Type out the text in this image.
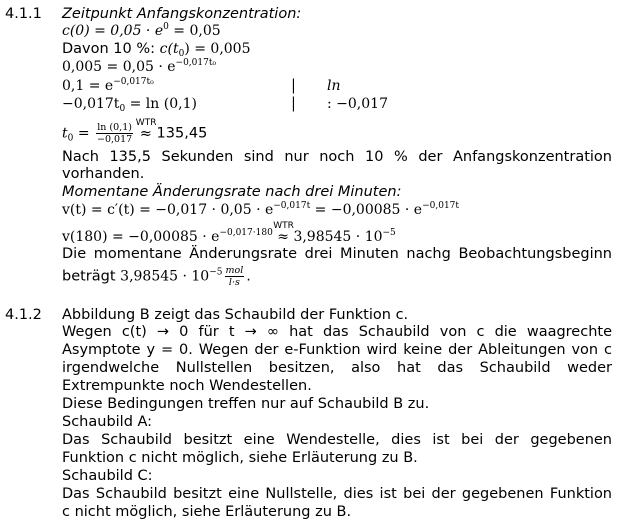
4.1.1 Zeitpunkt Anfangskonzentration:
$c(0) = 0,05 \cdot e^0 = 0,05$
Davon 10 %: $c(t_0) = 0,005$
$0,005 = 0,05 \cdot e^{-0,017t_0}$
$0,1 = e^{-0,017t_0}$	| ln
$-0,017t_0 = \ln (0,1)$	| : −0,017
$t_0 = \frac{\ln (0,1)}{-0,017}$
WTR
≈ 135,45
Nach 135,5 Sekunden sind nur noch 10 % der Anfangskonzentration
vorhanden.
Momentane Änderungsrate nach drei Minuten:
$v(t) = c'(t) = -0,017 \cdot 0,05 \cdot e^{-0,017t} = -0,00085 \cdot e^{-0,017t}$
$v(180) = -0,00085 \cdot e^{-0,017\cdot 180}$
WTR
≈ $3,98545 \cdot 10^{-5}$
Die momentane Änderungsrate drei Minuten nachg Beobachtungsbeginn
beträgt $3,98545 \cdot 10^{-5} \frac{\text{mol}}{l\cdot s}$ .
4.1.2 Abbildung B zeigt das Schaubild der Funktion c.
Wegen c(t) → 0 für t → ∞ hat das Schaubild von c die waagrechte
Asymptote y = 0. Wegen der e-Funktion wird keine der Ableitungen von c
irgendwelche Nullstellen besitzen, also hat das Schaubild weder
Extrempunkte noch Wendestellen.
Diese Bedingungen treffen nur auf Schaubild B zu.
Schaubild A:
Das Schaubild besitzt eine Wendestelle, dies ist bei der gegebenen
Funktion c nicht möglich, siehe Erläuterung zu B.
Schaubild C:
Das Schaubild besitzt eine Nullstelle, dies ist bei der gegebenen Funktion
c nicht möglich, siehe Erläuterung zu B.
